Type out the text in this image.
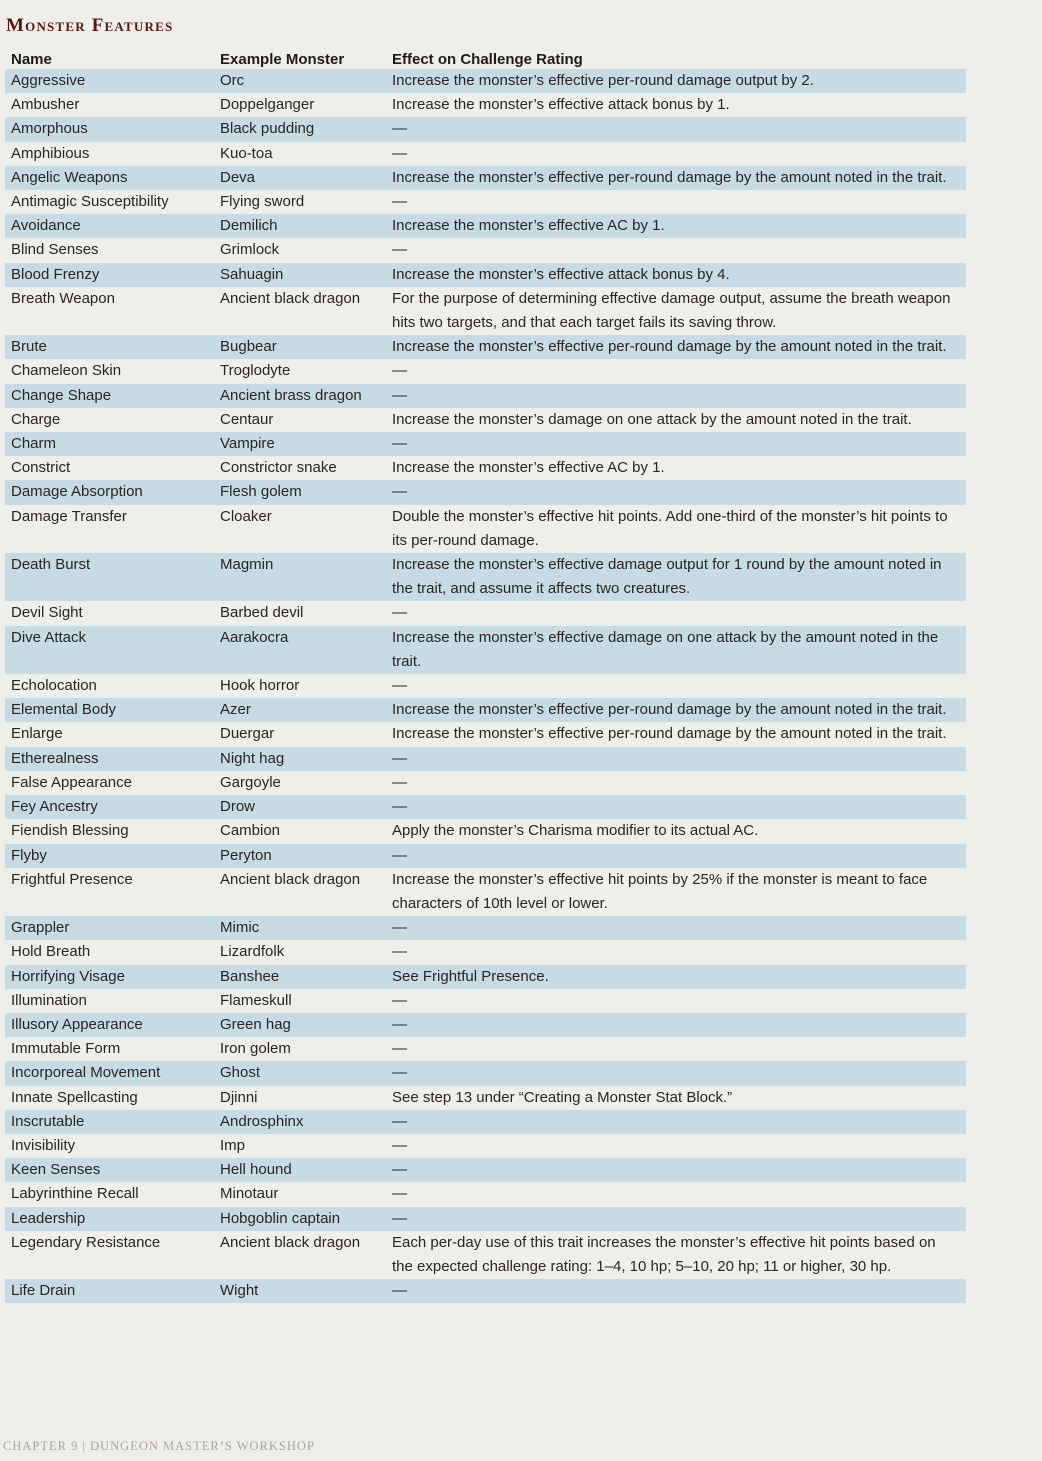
Monster Features
Name	Example Monster	Effect on Challenge Rating
Aggressive	Orc	Increase the monster’s effective per-round damage output by 2.
Ambusher	Doppelganger	Increase the monster’s effective attack bonus by 1.
Amorphous	Black pudding	—
Amphibious	Kuo-toa	—
Angelic Weapons	Deva	Increase the monster’s effective per-round damage by the amount noted in the trait.
Antimagic Susceptibility	Flying sword	—
Avoidance	Demilich	Increase the monster’s effective AC by 1.
Blind Senses	Grimlock	—
Blood Frenzy	Sahuagin	Increase the monster’s effective attack bonus by 4.
Breath Weapon	Ancient black dragon	For the purpose of determining effective damage output, assume the breath weapon hits two targets, and that each target fails its saving throw.
Brute	Bugbear	Increase the monster’s effective per-round damage by the amount noted in the trait.
Chameleon Skin	Troglodyte	—
Change Shape	Ancient brass dragon	—
Charge	Centaur	Increase the monster’s damage on one attack by the amount noted in the trait.
Charm	Vampire	—
Constrict	Constrictor snake	Increase the monster’s effective AC by 1.
Damage Absorption	Flesh golem	—
Damage Transfer	Cloaker	Double the monster’s effective hit points. Add one-third of the monster’s hit points to its per-round damage.
Death Burst	Magmin	Increase the monster’s effective damage output for 1 round by the amount noted in the trait, and assume it affects two creatures.
Devil Sight	Barbed devil	—
Dive Attack	Aarakocra	Increase the monster’s effective damage on one attack by the amount noted in the trait.
Echolocation	Hook horror	—
Elemental Body	Azer	Increase the monster’s effective per-round damage by the amount noted in the trait.
Enlarge	Duergar	Increase the monster’s effective per-round damage by the amount noted in the trait.
Etherealness	Night hag	—
False Appearance	Gargoyle	—
Fey Ancestry	Drow	—
Fiendish Blessing	Cambion	Apply the monster’s Charisma modifier to its actual AC.
Flyby	Peryton	—
Frightful Presence	Ancient black dragon	Increase the monster’s effective hit points by 25% if the monster is meant to face characters of 10th level or lower.
Grappler	Mimic	—
Hold Breath	Lizardfolk	—
Horrifying Visage	Banshee	See Frightful Presence.
Illumination	Flameskull	—
Illusory Appearance	Green hag	—
Immutable Form	Iron golem	—
Incorporeal Movement	Ghost	—
Innate Spellcasting	Djinni	See step 13 under “Creating a Monster Stat Block.”
Inscrutable	Androsphinx	—
Invisibility	Imp	—
Keen Senses	Hell hound	—
Labyrinthine Recall	Minotaur	—
Leadership	Hobgoblin captain	—
Legendary Resistance	Ancient black dragon	Each per-day use of this trait increases the monster’s effective hit points based on the expected challenge rating: 1–4, 10 hp; 5–10, 20 hp; 11 or higher, 30 hp.
Life Drain	Wight	—
CHAPTER 9 | DUNGEON MASTER’S WORKSHOP
